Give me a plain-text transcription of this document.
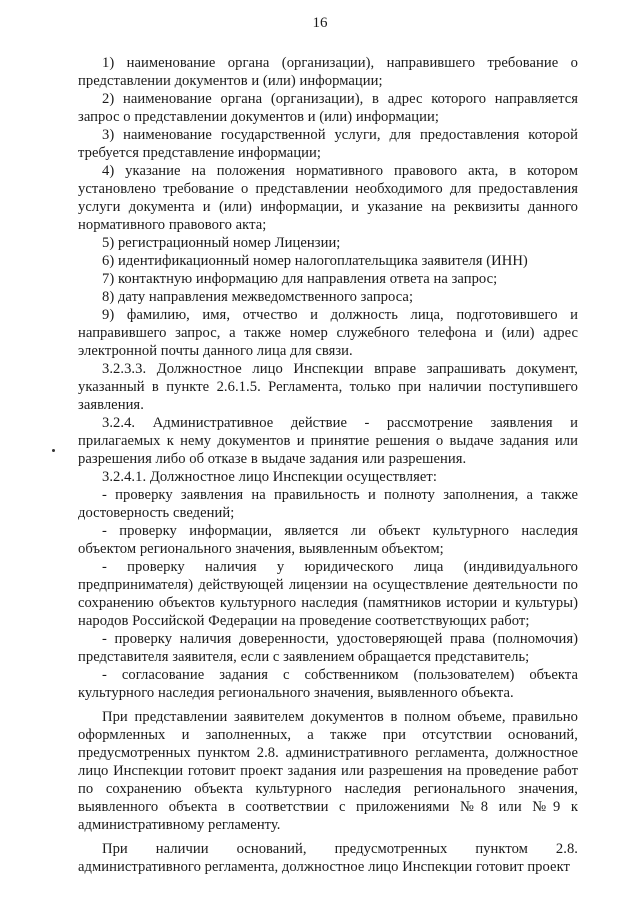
16

1) наименование органа (организации), направившего требование о представлении документов и (или) информации;

2) наименование органа (организации), в адрес которого направляется запрос о представлении документов и (или) информации;

3) наименование государственной услуги, для предоставления которой требуется представление информации;

4) указание на положения нормативного правового акта, в котором установлено требование о представлении необходимого для предоставления услуги документа и (или) информации, и указание на реквизиты данного нормативного правового акта;

5) регистрационный номер Лицензии;

6) идентификационный номер налогоплательщика заявителя (ИНН)

7) контактную информацию для направления ответа на запрос;

8) дату направления межведомственного запроса;

9) фамилию, имя, отчество и должность лица, подготовившего и направившего запрос, а также номер служебного телефона и (или) адрес электронной почты данного лица для связи.

3.2.3.3. Должностное лицо Инспекции вправе запрашивать документ, указанный в пункте 2.6.1.5. Регламента, только при наличии поступившего заявления.

3.2.4. Административное действие - рассмотрение заявления и прилагаемых к нему документов и принятие решения о выдаче задания или разрешения либо об отказе в выдаче задания или разрешения.

3.2.4.1. Должностное лицо Инспекции осуществляет:

- проверку заявления на правильность и полноту заполнения, а также достоверность сведений;

- проверку информации, является ли объект культурного наследия объектом регионального значения, выявленным объектом;

- проверку наличия у юридического лица (индивидуального предпринимателя) действующей лицензии на осуществление деятельности по сохранению объектов культурного наследия (памятников истории и культуры) народов Российской Федерации на проведение соответствующих работ;

- проверку наличия доверенности, удостоверяющей права (полномочия) представителя заявителя, если с заявлением обращается представитель;

- согласование задания с собственником (пользователем) объекта культурного наследия регионального значения, выявленного объекта.

При представлении заявителем документов в полном объеме, правильно оформленных и заполненных, а также при отсутствии оснований, предусмотренных пунктом 2.8. административного регламента, должностное лицо Инспекции готовит проект задания или разрешения на проведение работ по сохранению объекта культурного наследия регионального значения, выявленного объекта в соответствии с приложениями №8 или №9 к административному регламенту.

При наличии оснований, предусмотренных пунктом 2.8. административного регламента, должностное лицо Инспекции готовит проект
